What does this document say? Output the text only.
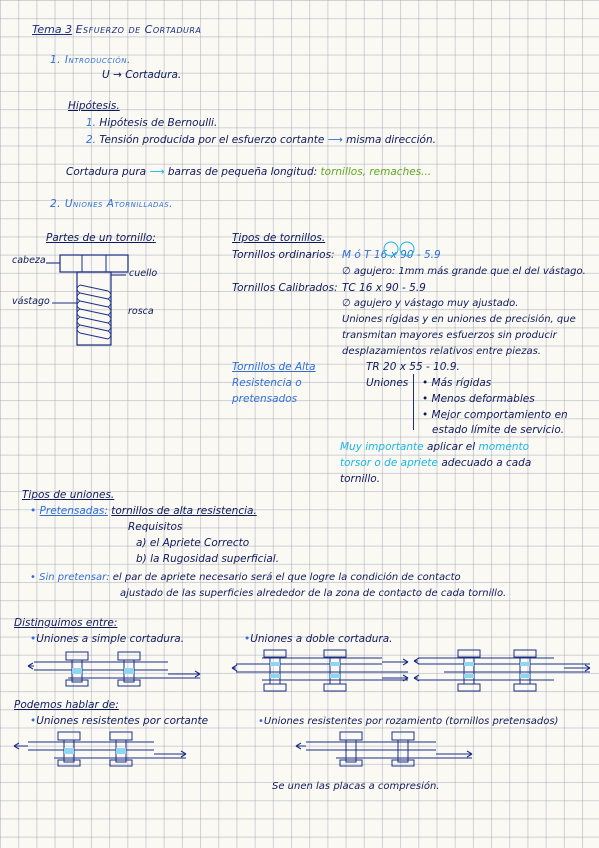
Tema 3 Esfuerzo de Cortadura
1. Introducción.
U → Cortadura.
Hipótesis.
1. Hipótesis de Bernoulli.
2. Tensión producida por el esfuerzo cortante ⟶ misma dirección.
Cortadura pura ⟶ barras de pequeña longitud: tornillos, remaches...
2. Uniones Atornilladas.
Partes de un tornillo:
cabeza
cuello
vástago
rosca
Tipos de tornillos.
Tornillos ordinarios: M ó T 16 x 90 - 5.9
∅ agujero: 1mm más grande que el del vástago.
Tornillos Calibrados: TC 16 x 90 - 5.9
∅ agujero y vástago muy ajustado.
Uniones rígidas y en uniones de precisión, que
transmitan mayores esfuerzos sin producir
desplazamientos relativos entre piezas.
Tornillos de Alta
Resistencia o
pretensados
TR 20 x 55 - 10.9.
Uniones • Más rígidas
• Menos deformables
• Mejor comportamiento en
estado límite de servicio.
Muy importante aplicar el momento
torsor o de apriete adecuado a cada
tornillo.
Tipos de uniones.
• Pretensadas: tornillos de alta resistencia.
Requisitos
a) el Apriete Correcto
b) la Rugosidad superficial.
• Sin pretensar: el par de apriete necesario será el que logre la condición de contacto
ajustado de las superficies alrededor de la zona de contacto de cada tornillo.
Distinguimos entre:
•Uniones a simple cortadura.	•Uniones a doble cortadura.
Podemos hablar de:
•Uniones resistentes por cortante	•Uniones resistentes por rozamiento (tornillos pretensados)
Se unen las placas a compresión.
